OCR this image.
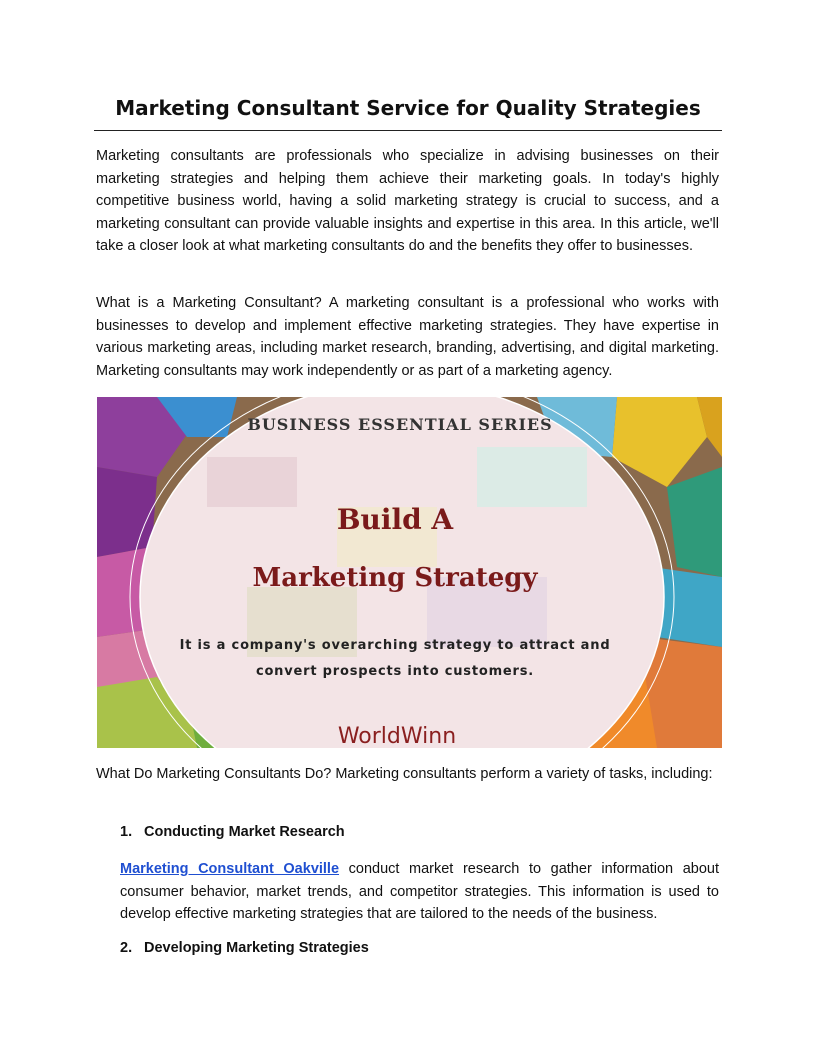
Marketing Consultant Service for Quality Strategies

Marketing consultants are professionals who specialize in advising businesses on their marketing strategies and helping them achieve their marketing goals. In today's highly competitive business world, having a solid marketing strategy is crucial to success, and a marketing consultant can provide valuable insights and expertise in this area. In this article, we'll take a closer look at what marketing consultants do and the benefits they offer to businesses.

What is a Marketing Consultant? A marketing consultant is a professional who works with businesses to develop and implement effective marketing strategies. They have expertise in various marketing areas, including market research, branding, advertising, and digital marketing. Marketing consultants may work independently or as part of a marketing agency.

BUSINESS ESSENTIAL SERIES
Build A
Marketing Strategy
It is a company's overarching strategy to attract and
convert prospects into customers.
WorldWinn

What Do Marketing Consultants Do? Marketing consultants perform a variety of tasks, including:

1. Conducting Market Research

Marketing Consultant Oakville conduct market research to gather information about consumer behavior, market trends, and competitor strategies. This information is used to develop effective marketing strategies that are tailored to the needs of the business.

2. Developing Marketing Strategies
